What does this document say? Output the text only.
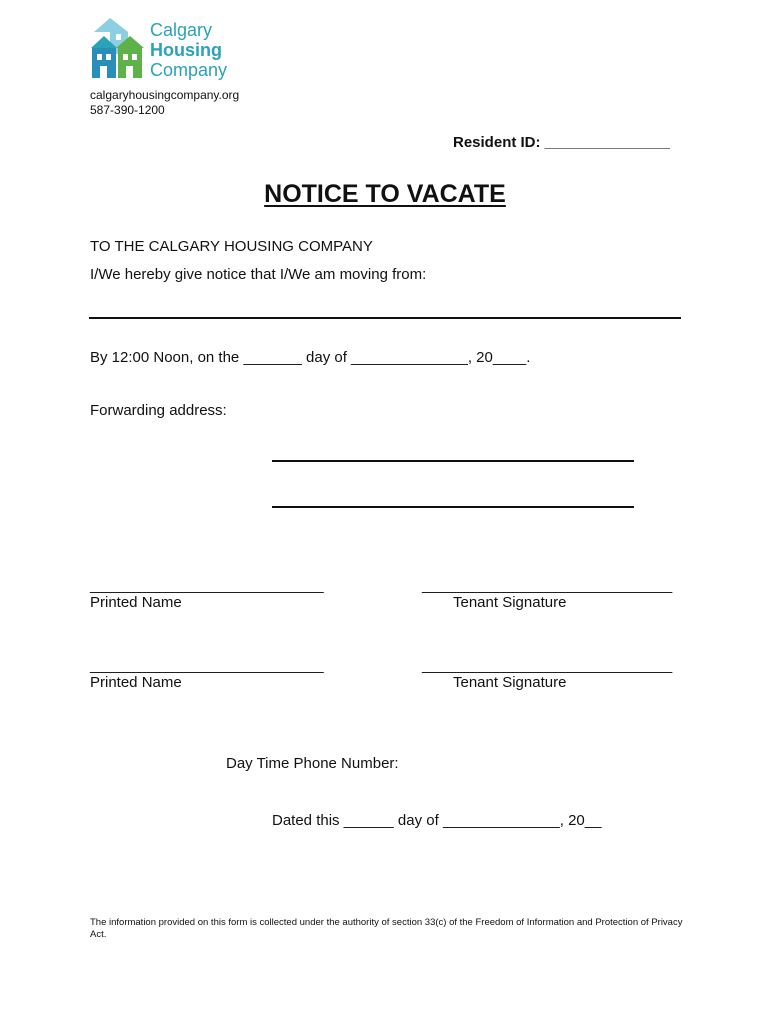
Calgary
Housing
Company
calgaryhousingcompany.org
587-390-1200
Resident ID: _______________
NOTICE TO VACATE
TO THE CALGARY HOUSING COMPANY
I/We hereby give notice that I/We am moving from:
By 12:00 Noon, on the _______ day of ______________, 20____.
Forwarding address:
____________________________
Printed Name
______________________________
Tenant Signature
____________________________
Printed Name
______________________________
Tenant Signature
Day Time Phone Number:
Dated this ______ day of ______________, 20__
The information provided on this form is collected under the authority of section 33(c) of the Freedom of Information and Protection of Privacy Act.
